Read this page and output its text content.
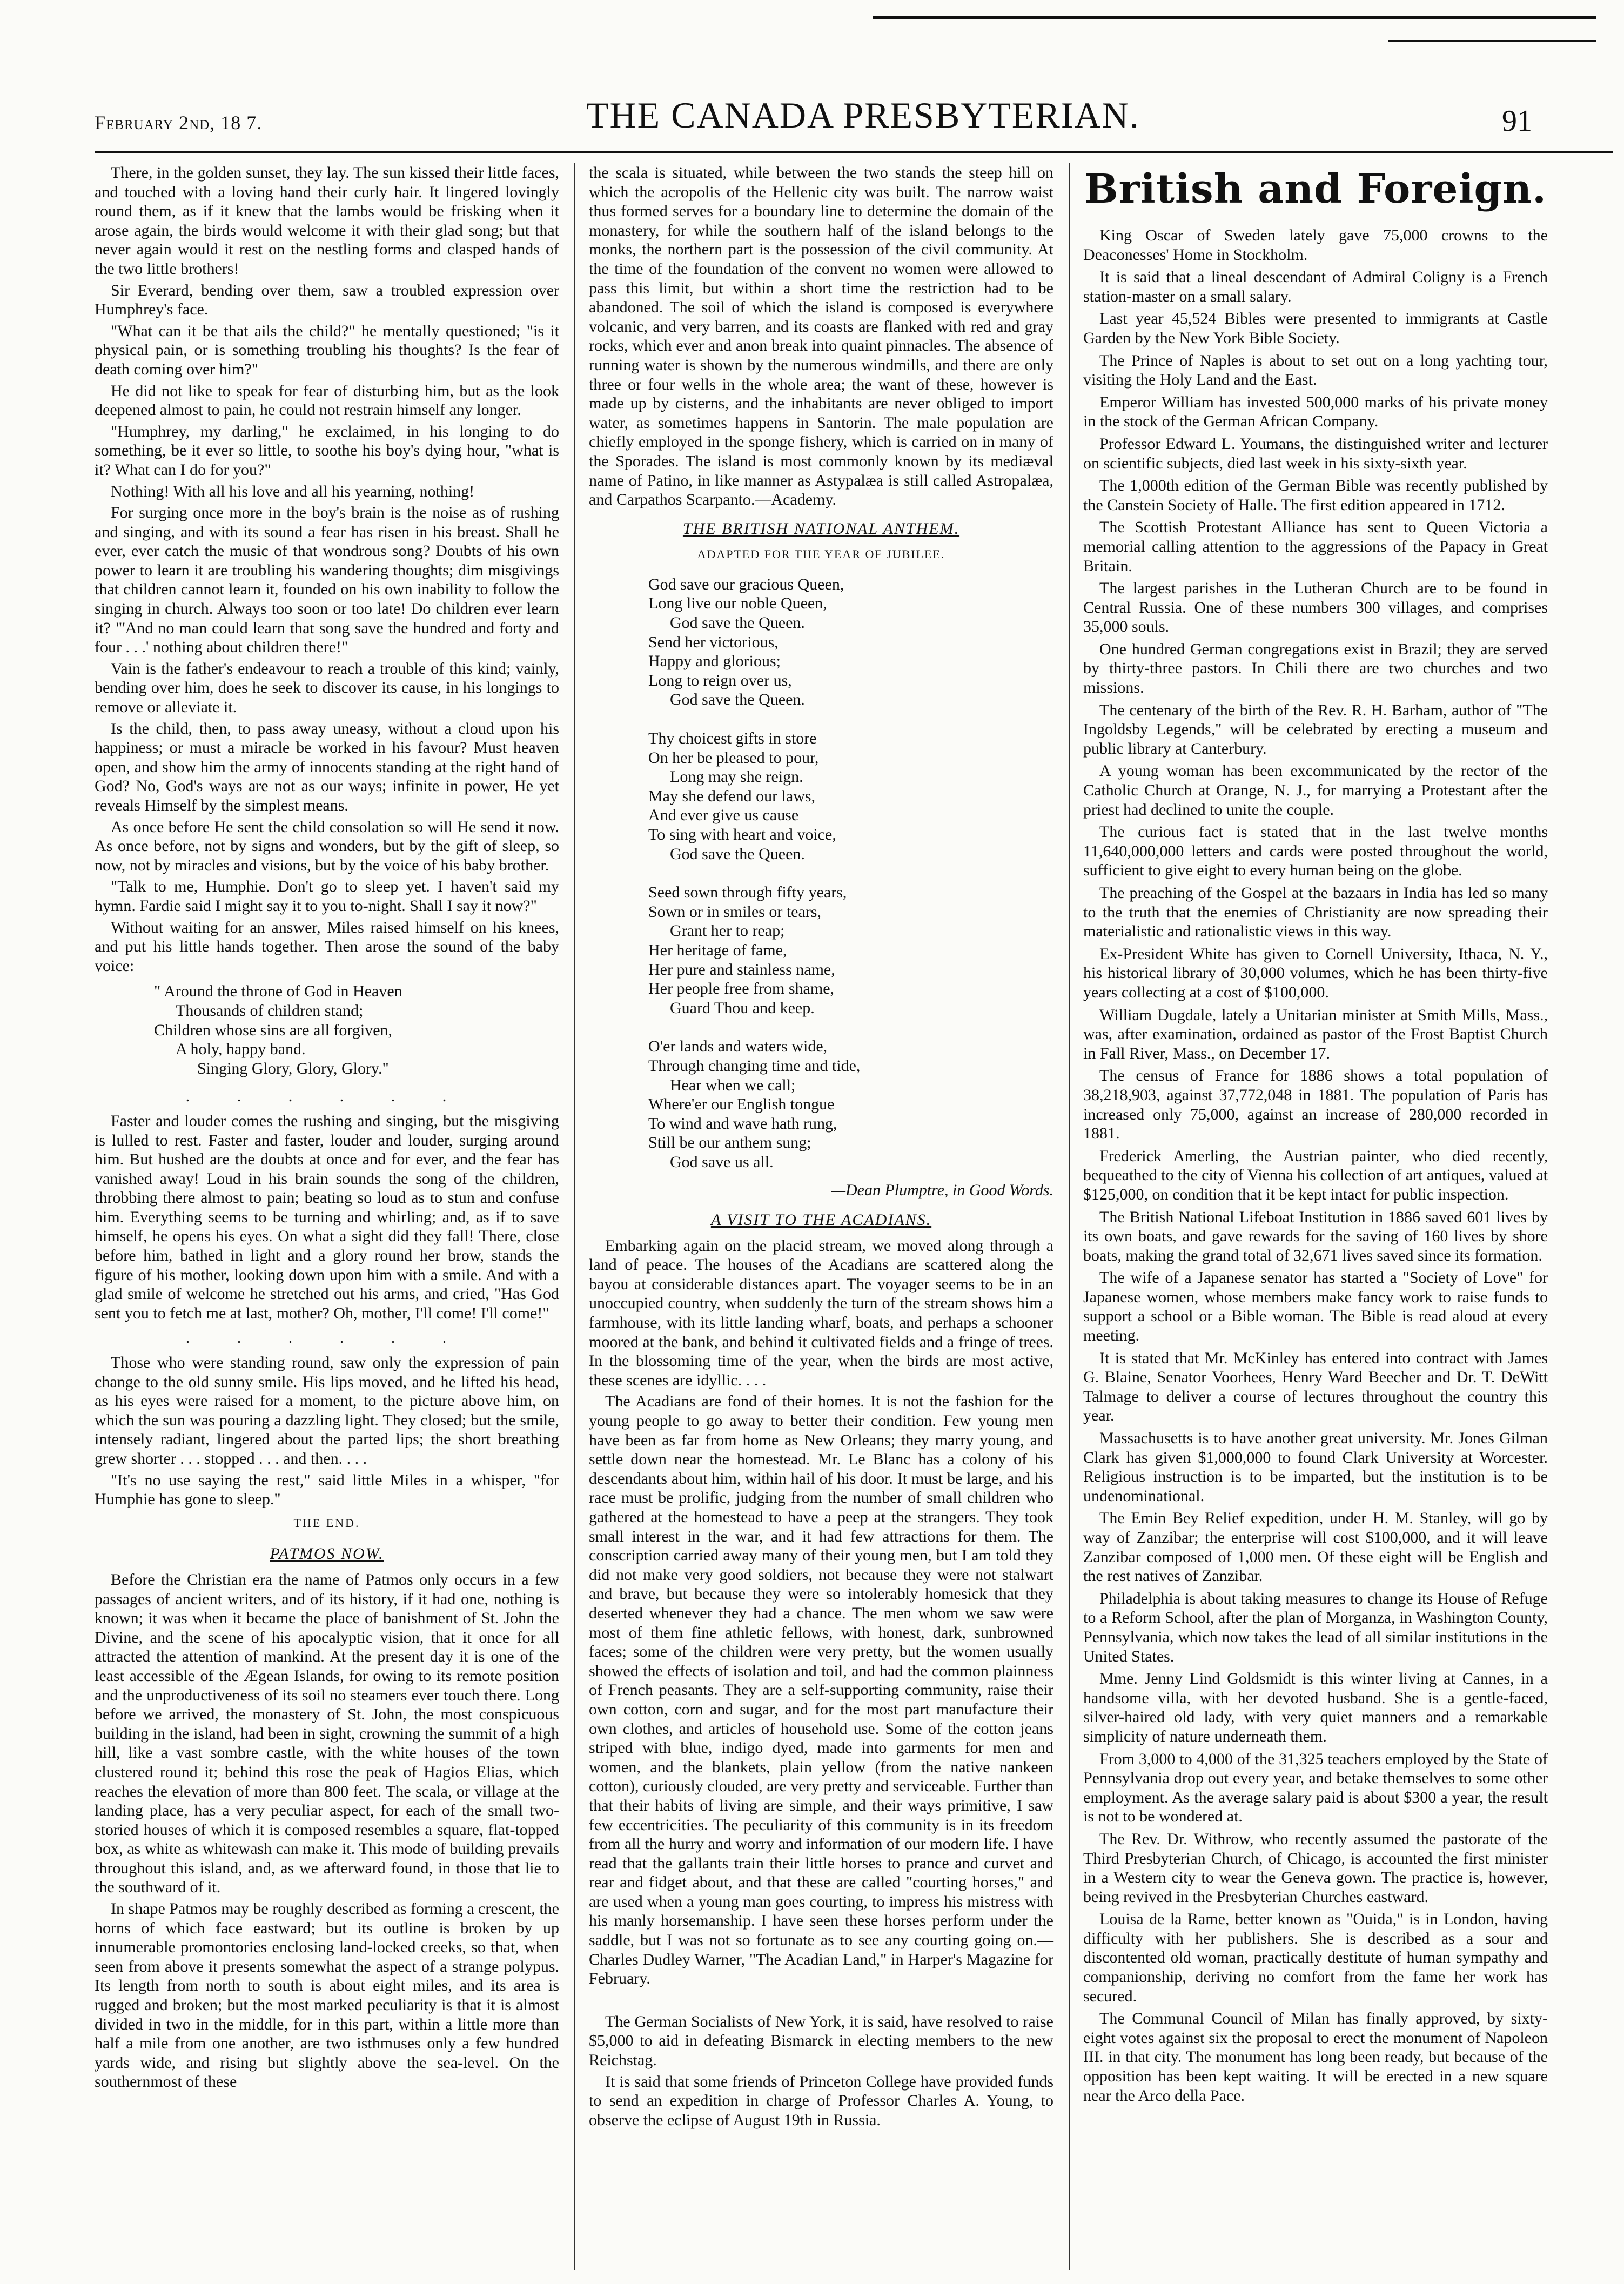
February 2nd, 18 7.	THE CANADA PRESBYTERIAN.	91

There, in the golden sunset, they lay. The sun kissed their little faces, and touched with a loving hand their curly hair. It lingered lovingly round them, as if it knew that the lambs would be frisking when it arose again, the birds would welcome it with their glad song; but that never again would it rest on the nestling forms and clasped hands of the two little brothers!

Sir Everard, bending over them, saw a troubled expression over Humphrey's face.

"What can it be that ails the child?" he mentally questioned; "is it physical pain, or is something troubling his thoughts? Is the fear of death coming over him?"

He did not like to speak for fear of disturbing him, but as the look deepened almost to pain, he could not restrain himself any longer.

"Humphrey, my darling," he exclaimed, in his longing to do something, be it ever so little, to soothe his boy's dying hour, "what is it? What can I do for you?"

Nothing! With all his love and all his yearning, nothing!

For surging once more in the boy's brain is the noise as of rushing and singing, and with its sound a fear has risen in his breast. Shall he ever, ever catch the music of that wondrous song? Doubts of his own power to learn it are troubling his wandering thoughts; dim misgivings that children cannot learn it, founded on his own inability to follow the singing in church. Always too soon or too late! Do children ever learn it? "'And no man could learn that song save the hundred and forty and four . . .' nothing about children there!"

Vain is the father's endeavour to reach a trouble of this kind; vainly, bending over him, does he seek to discover its cause, in his longings to remove or alleviate it.

Is the child, then, to pass away uneasy, without a cloud upon his happiness; or must a miracle be worked in his favour? Must heaven open, and show him the army of innocents standing at the right hand of God? No, God's ways are not as our ways; infinite in power, He yet reveals Himself by the simplest means.

As once before He sent the child consolation so will He send it now. As once before, not by signs and wonders, but by the gift of sleep, so now, not by miracles and visions, but by the voice of his baby brother.

"Talk to me, Humphie. Don't go to sleep yet. I haven't said my hymn. Fardie said I might say it to you to-night. Shall I say it now?"

Without waiting for an answer, Miles raised himself on his knees, and put his little hands together. Then arose the sound of the baby voice:

" Around the throne of God in Heaven
Thousands of children stand;
Children whose sins are all forgiven,
A holy, happy band.
Singing Glory, Glory, Glory."
. . . . . .

Faster and louder comes the rushing and singing, but the misgiving is lulled to rest. Faster and faster, louder and louder, surging around him. But hushed are the doubts at once and for ever, and the fear has vanished away! Loud in his brain sounds the song of the children, throbbing there almost to pain; beating so loud as to stun and confuse him. Everything seems to be turning and whirling; and, as if to save himself, he opens his eyes. On what a sight did they fall! There, close before him, bathed in light and a glory round her brow, stands the figure of his mother, looking down upon him with a smile. And with a glad smile of welcome he stretched out his arms, and cried, "Has God sent you to fetch me at last, mother? Oh, mother, I'll come! I'll come!"

. . . . . .

Those who were standing round, saw only the expression of pain change to the old sunny smile. His lips moved, and he lifted his head, as his eyes were raised for a moment, to the picture above him, on which the sun was pouring a dazzling light. They closed; but the smile, intensely radiant, lingered about the parted lips; the short breathing grew shorter . . . stopped . . . and then. . . .

"It's no use saying the rest," said little Miles in a whisper, "for Humphie has gone to sleep."

THE END.
PATMOS NOW.

Before the Christian era the name of Patmos only occurs in a few passages of ancient writers, and of its history, if it had one, nothing is known; it was when it became the place of banishment of St. John the Divine, and the scene of his apocalyptic vision, that it once for all attracted the attention of mankind. At the present day it is one of the least accessible of the Ægean Islands, for owing to its remote position and the unproductiveness of its soil no steamers ever touch there. Long before we arrived, the monastery of St. John, the most conspicuous building in the island, had been in sight, crowning the summit of a high hill, like a vast sombre castle, with the white houses of the town clustered round it; behind this rose the peak of Hagios Elias, which reaches the elevation of more than 800 feet. The scala, or village at the landing place, has a very peculiar aspect, for each of the small two-storied houses of which it is composed resembles a square, flat-topped box, as white as whitewash can make it. This mode of building prevails throughout this island, and, as we afterward found, in those that lie to the southward of it.

In shape Patmos may be roughly described as forming a crescent, the horns of which face eastward; but its outline is broken by up innumerable promontories enclosing land-locked creeks, so that, when seen from above it presents somewhat the aspect of a strange polypus. Its length from north to south is about eight miles, and its area is rugged and broken; but the most marked peculiarity is that it is almost divided in two in the middle, for in this part, within a little more than half a mile from one another, are two isthmuses only a few hundred yards wide, and rising but slightly above the sea-level. On the southernmost of these

the scala is situated, while between the two stands the steep hill on which the acropolis of the Hellenic city was built. The narrow waist thus formed serves for a boundary line to determine the domain of the monastery, for while the southern half of the island belongs to the monks, the northern part is the possession of the civil community. At the time of the foundation of the convent no women were allowed to pass this limit, but within a short time the restriction had to be abandoned. The soil of which the island is composed is everywhere volcanic, and very barren, and its coasts are flanked with red and gray rocks, which ever and anon break into quaint pinnacles. The absence of running water is shown by the numerous windmills, and there are only three or four wells in the whole area; the want of these, however is made up by cisterns, and the inhabitants are never obliged to import water, as sometimes happens in Santorin. The male population are chiefly employed in the sponge fishery, which is carried on in many of the Sporades. The island is most commonly known by its mediæval name of Patino, in like manner as Astypalæa is still called Astropalæa, and Carpathos Scarpanto.—Academy.

THE BRITISH NATIONAL ANTHEM.
ADAPTED FOR THE YEAR OF JUBILEE.
God save our gracious Queen,
Long live our noble Queen,
God save the Queen.
Send her victorious,
Happy and glorious;
Long to reign over us,
God save the Queen.
Thy choicest gifts in store
On her be pleased to pour,
Long may she reign.
May she defend our laws,
And ever give us cause
To sing with heart and voice,
God save the Queen.
Seed sown through fifty years,
Sown or in smiles or tears,
Grant her to reap;
Her heritage of fame,
Her pure and stainless name,
Her people free from shame,
Guard Thou and keep.
O'er lands and waters wide,
Through changing time and tide,
Hear when we call;
Where'er our English tongue
To wind and wave hath rung,
Still be our anthem sung;
God save us all.
—Dean Plumptre, in Good Words.
A VISIT TO THE ACADIANS.

Embarking again on the placid stream, we moved along through a land of peace. The houses of the Acadians are scattered along the bayou at considerable distances apart. The voyager seems to be in an unoccupied country, when suddenly the turn of the stream shows him a farmhouse, with its little landing wharf, boats, and perhaps a schooner moored at the bank, and behind it cultivated fields and a fringe of trees. In the blossoming time of the year, when the birds are most active, these scenes are idyllic. . . .

The Acadians are fond of their homes. It is not the fashion for the young people to go away to better their condition. Few young men have been as far from home as New Orleans; they marry young, and settle down near the homestead. Mr. Le Blanc has a colony of his descendants about him, within hail of his door. It must be large, and his race must be prolific, judging from the number of small children who gathered at the homestead to have a peep at the strangers. They took small interest in the war, and it had few attractions for them. The conscription carried away many of their young men, but I am told they did not make very good soldiers, not because they were not stalwart and brave, but because they were so intolerably homesick that they deserted whenever they had a chance. The men whom we saw were most of them fine athletic fellows, with honest, dark, sunbrowned faces; some of the children were very pretty, but the women usually showed the effects of isolation and toil, and had the common plainness of French peasants. They are a self-supporting community, raise their own cotton, corn and sugar, and for the most part manufacture their own clothes, and articles of household use. Some of the cotton jeans striped with blue, indigo dyed, made into garments for men and women, and the blankets, plain yellow (from the native nankeen cotton), curiously clouded, are very pretty and serviceable. Further than that their habits of living are simple, and their ways primitive, I saw few eccentricities. The peculiarity of this community is in its freedom from all the hurry and worry and information of our modern life. I have read that the gallants train their little horses to prance and curvet and rear and fidget about, and that these are called "courting horses," and are used when a young man goes courting, to impress his mistress with his manly horsemanship. I have seen these horses perform under the saddle, but I was not so fortunate as to see any courting going on.—Charles Dudley Warner, "The Acadian Land," in Harper's Magazine for February.

The German Socialists of New York, it is said, have resolved to raise $5,000 to aid in defeating Bismarck in electing members to the new Reichstag.

It is said that some friends of Princeton College have provided funds to send an expedition in charge of Professor Charles A. Young, to observe the eclipse of August 19th in Russia.

British and Foreign.

King Oscar of Sweden lately gave 75,000 crowns to the Deaconesses' Home in Stockholm.

It is said that a lineal descendant of Admiral Coligny is a French station-master on a small salary.

Last year 45,524 Bibles were presented to immigrants at Castle Garden by the New York Bible Society.

The Prince of Naples is about to set out on a long yachting tour, visiting the Holy Land and the East.

Emperor William has invested 500,000 marks of his private money in the stock of the German African Company.

Professor Edward L. Youmans, the distinguished writer and lecturer on scientific subjects, died last week in his sixty-sixth year.

The 1,000th edition of the German Bible was recently published by the Canstein Society of Halle. The first edition appeared in 1712.

The Scottish Protestant Alliance has sent to Queen Victoria a memorial calling attention to the aggressions of the Papacy in Great Britain.

The largest parishes in the Lutheran Church are to be found in Central Russia. One of these numbers 300 villages, and comprises 35,000 souls.

One hundred German congregations exist in Brazil; they are served by thirty-three pastors. In Chili there are two churches and two missions.

The centenary of the birth of the Rev. R. H. Barham, author of "The Ingoldsby Legends," will be celebrated by erecting a museum and public library at Canterbury.

A young woman has been excommunicated by the rector of the Catholic Church at Orange, N. J., for marrying a Protestant after the priest had declined to unite the couple.

The curious fact is stated that in the last twelve months 11,640,000,000 letters and cards were posted throughout the world, sufficient to give eight to every human being on the globe.

The preaching of the Gospel at the bazaars in India has led so many to the truth that the enemies of Christianity are now spreading their materialistic and rationalistic views in this way.

Ex-President White has given to Cornell University, Ithaca, N. Y., his historical library of 30,000 volumes, which he has been thirty-five years collecting at a cost of $100,000.

William Dugdale, lately a Unitarian minister at Smith Mills, Mass., was, after examination, ordained as pastor of the Frost Baptist Church in Fall River, Mass., on December 17.

The census of France for 1886 shows a total population of 38,218,903, against 37,772,048 in 1881. The population of Paris has increased only 75,000, against an increase of 280,000 recorded in 1881.

Frederick Amerling, the Austrian painter, who died recently, bequeathed to the city of Vienna his collection of art antiques, valued at $125,000, on condition that it be kept intact for public inspection.

The British National Lifeboat Institution in 1886 saved 601 lives by its own boats, and gave rewards for the saving of 160 lives by shore boats, making the grand total of 32,671 lives saved since its formation.

The wife of a Japanese senator has started a "Society of Love" for Japanese women, whose members make fancy work to raise funds to support a school or a Bible woman. The Bible is read aloud at every meeting.

It is stated that Mr. McKinley has entered into contract with James G. Blaine, Senator Voorhees, Henry Ward Beecher and Dr. T. DeWitt Talmage to deliver a course of lectures throughout the country this year.

Massachusetts is to have another great university. Mr. Jones Gilman Clark has given $1,000,000 to found Clark University at Worcester. Religious instruction is to be imparted, but the institution is to be undenominational.

The Emin Bey Relief expedition, under H. M. Stanley, will go by way of Zanzibar; the enterprise will cost $100,000, and it will leave Zanzibar composed of 1,000 men. Of these eight will be English and the rest natives of Zanzibar.

Philadelphia is about taking measures to change its House of Refuge to a Reform School, after the plan of Morganza, in Washington County, Pennsylvania, which now takes the lead of all similar institutions in the United States.

Mme. Jenny Lind Goldsmidt is this winter living at Cannes, in a handsome villa, with her devoted husband. She is a gentle-faced, silver-haired old lady, with very quiet manners and a remarkable simplicity of nature underneath them.

From 3,000 to 4,000 of the 31,325 teachers employed by the State of Pennsylvania drop out every year, and betake themselves to some other employment. As the average salary paid is about $300 a year, the result is not to be wondered at.

The Rev. Dr. Withrow, who recently assumed the pastorate of the Third Presbyterian Church, of Chicago, is accounted the first minister in a Western city to wear the Geneva gown. The practice is, however, being revived in the Presbyterian Churches eastward.

Louisa de la Rame, better known as "Ouida," is in London, having difficulty with her publishers. She is described as a sour and discontented old woman, practically destitute of human sympathy and companionship, deriving no comfort from the fame her work has secured.

The Communal Council of Milan has finally approved, by sixty-eight votes against six the proposal to erect the monument of Napoleon III. in that city. The monument has long been ready, but because of the opposition has been kept waiting. It will be erected in a new square near the Arco della Pace.
